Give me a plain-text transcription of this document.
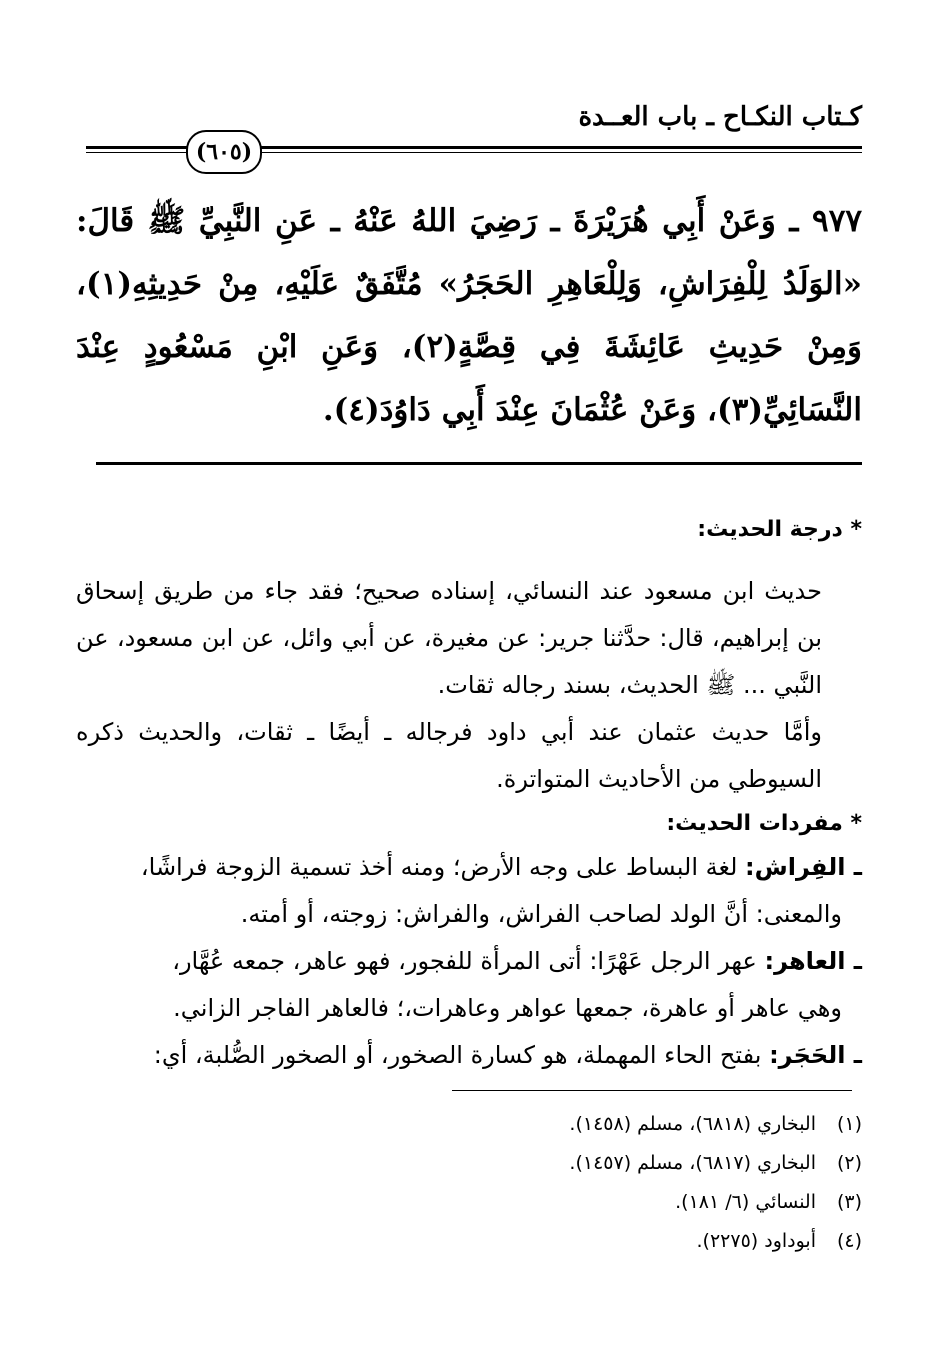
كـتاب النكـاح ـ باب العــدة
(٦٠٥)
٩٧٧ ـ وَعَنْ أَبِي هُرَيْرَةَ ـ رَضِيَ اللهُ عَنْهُ ـ عَنِ النَّبِيِّ ﷺ قَالَ: «الوَلَدُ لِلْفِرَاشِ، وَلِلْعَاهِرِ الحَجَرُ» مُتَّفَقٌ عَلَيْهِ، مِنْ حَدِيثِهِ(١)، وَمِنْ حَدِيثِ عَائِشَةَ فِي قِصَّةٍ(٢)، وَعَنِ ابْنِ مَسْعُودٍ عِنْدَ النَّسَائِيِّ(٣)، وَعَنْ عُثْمَانَ عِنْدَ أَبِي دَاوُدَ(٤).
* درجة الحديث:
حديث ابن مسعود عند النسائي، إسناده صحيح؛ فقد جاء من طريق إسحاق بن إبراهيم، قال: حدَّثنا جرير: عن مغيرة، عن أبي وائل، عن ابن مسعود، عن النَّبي ... ﷺ الحديث، بسند رجاله ثقات.
وأمَّا حديث عثمان عند أبي داود فرجاله ـ أيضًا ـ ثقات، والحديث ذكره السيوطي من الأحاديث المتواترة.
* مفردات الحديث:
ـ الفِراش: لغة البساط على وجه الأرض؛ ومنه أخذ تسمية الزوجة فراشًا،
والمعنى: أنَّ الولد لصاحب الفراش، والفراش: زوجته، أو أمته.
ـ العاهر: عهر الرجل عَهْرًا: أتى المرأة للفجور، فهو عاهر، جمعه عُهَّار،
وهي عاهر أو عاهرة، جمعها عواهر وعاهرات،؛ فالعاهر الفاجر الزاني.
ـ الحَجَر: بفتح الحاء المهملة، هو كسارة الصخور، أو الصخور الصُّلبة، أي:
(١)
البخاري (٦٨١٨)، مسلم (١٤٥٨).
(٢)
البخاري (٦٨١٧)، مسلم (١٤٥٧).
(٣)
النسائي (٦/ ١٨١).
(٤)
أبوداود (٢٢٧٥).
